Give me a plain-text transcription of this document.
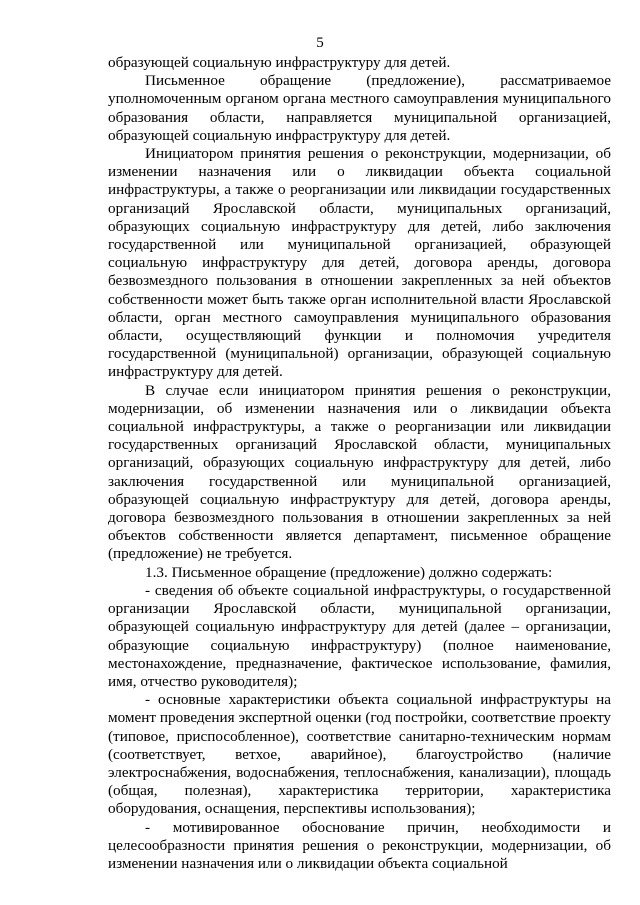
5

образующей социальную инфраструктуру для детей.

Письменное обращение (предложение), рассматриваемое уполномоченным органом органа местного самоуправления муниципального образования области, направляется муниципальной организацией, образующей социальную инфраструктуру для детей.

Инициатором принятия решения о реконструкции, модернизации, об изменении назначения или о ликвидации объекта социальной инфраструктуры, а также о реорганизации или ликвидации государственных организаций Ярославской области, муниципальных организаций, образующих социальную инфраструктуру для детей, либо заключения государственной или муниципальной организацией, образующей социальную инфраструктуру для детей, договора аренды, договора безвозмездного пользования в отношении закрепленных за ней объектов собственности может быть также орган исполнительной власти Ярославской области, орган местного самоуправления муниципального образования области, осуществляющий функции и полномочия учредителя государственной (муниципальной) организации, образующей социальную инфраструктуру для детей.

В случае если инициатором принятия решения о реконструкции, модернизации, об изменении назначения или о ликвидации объекта социальной инфраструктуры, а также о реорганизации или ликвидации государственных организаций Ярославской области, муниципальных организаций, образующих социальную инфраструктуру для детей, либо заключения государственной или муниципальной организацией, образующей социальную инфраструктуру для детей, договора аренды, договора безвозмездного пользования в отношении закрепленных за ней объектов собственности является департамент, письменное обращение (предложение) не требуется.

1.3. Письменное обращение (предложение) должно содержать:

- сведения об объекте социальной инфраструктуры, о государственной организации Ярославской области, муниципальной организации, образующей социальную инфраструктуру для детей (далее – организации, образующие социальную инфраструктуру) (полное наименование, местонахождение, предназначение, фактическое использование, фамилия, имя, отчество руководителя);

- основные характеристики объекта социальной инфраструктуры на момент проведения экспертной оценки (год постройки, соответствие проекту (типовое, приспособленное), соответствие санитарно-техническим нормам (соответствует, ветхое, аварийное), благоустройство (наличие электроснабжения, водоснабжения, теплоснабжения, канализации), площадь (общая, полезная), характеристика территории, характеристика оборудования, оснащения, перспективы использования);

- мотивированное обоснование причин, необходимости и целесообразности принятия решения о реконструкции, модернизации, об изменении назначения или о ликвидации объекта социальной
